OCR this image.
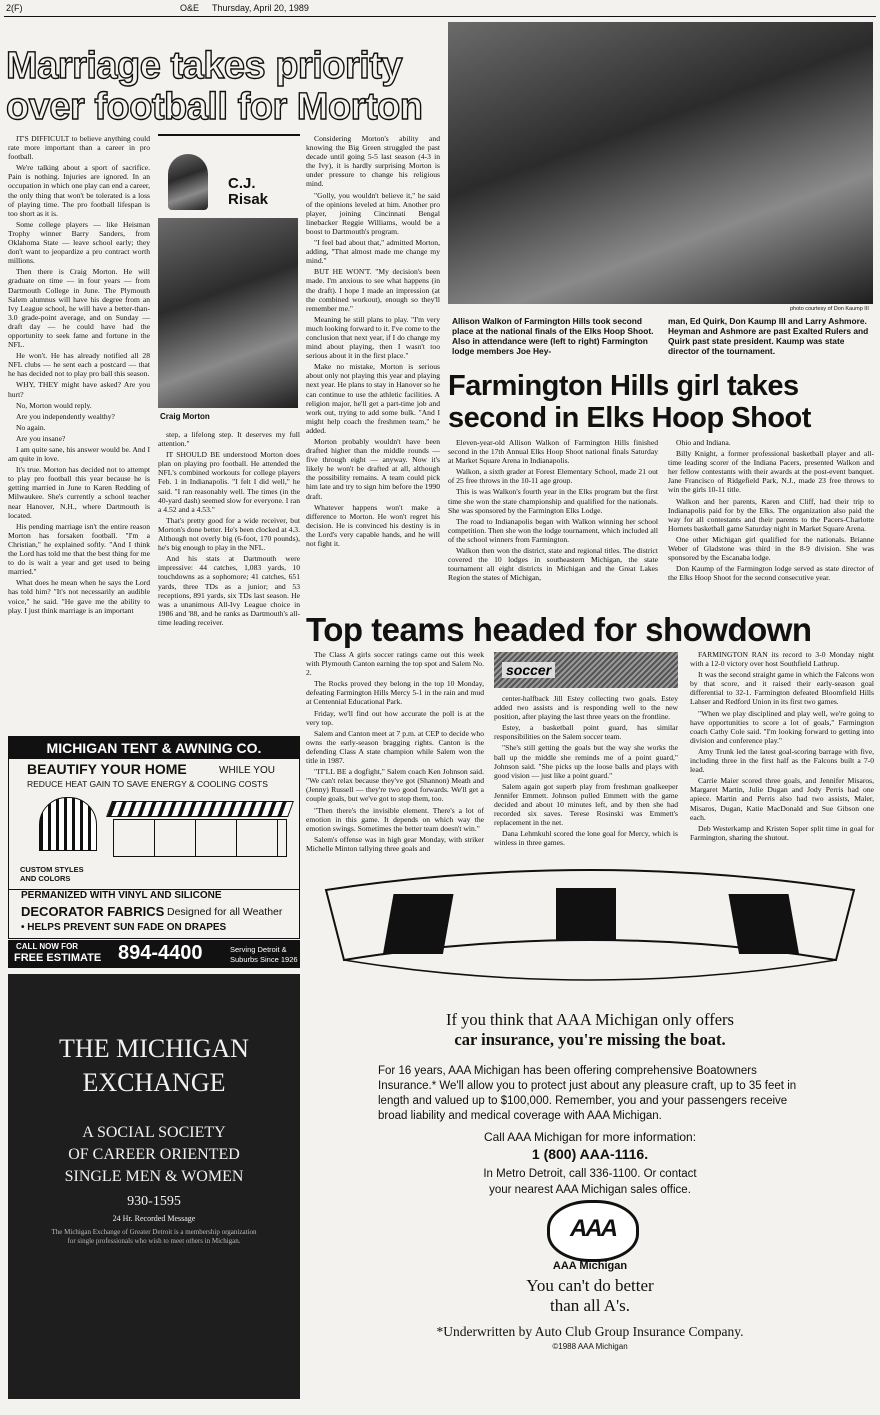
2(F)	O&E Thursday, April 20, 1989
Marriage takes priority over football for Morton

IT'S DIFFICULT to believe anything could rate more important than a career in pro football.

We're talking about a sport of sacrifice. Pain is nothing. Injuries are ignored. In an occupation in which one play can end a career, the only thing that won't be tolerated is a loss of playing time. The pro football lifespan is too short as it is.

Some college players — like Heisman Trophy winner Barry Sanders, from Oklahoma State — leave school early; they don't want to jeopardize a pro contract worth millions.

Then there is Craig Morton. He will graduate on time — in four years — from Dartmouth College in June. The Plymouth Salem alumnus will have his degree from an Ivy League school, he will have a better-than-3.0 grade-point average, and on Sunday — draft day — he could have had the opportunity to seek fame and fortune in the NFL.

He won't. He has already notified all 28 NFL clubs — he sent each a postcard — that he has decided not to play pro ball this season.

WHY, THEY might have asked? Are you hurt?

No, Morton would reply.

Are you independently wealthy?

No again.

Are you insane?

I am quite sane, his answer would be. And I am quite in love.

It's true. Morton has decided not to attempt to play pro football this year because he is getting married in June to Karen Redding of Milwaukee. She's currently a school teacher near Hanover, N.H., where Dartmouth is located.

His pending marriage isn't the entire reason Morton has forsaken football. "I'm a Christian," he explained softly. "And I think the Lord has told me that the best thing for me to do is wait a year and get used to being married."

What does he mean when he says the Lord has told him? "It's not necessarily an audible voice," he said. "He gave me the ability to play. I just think marriage is an important

C.J. Risak
Craig Morton

step, a lifelong step. It deserves my full attention."

IT SHOULD BE understood Morton does plan on playing pro football. He attended the NFL's combined workouts for college players Feb. 1 in Indianapolis. "I felt I did well," he said. "I ran reasonably well. The times (in the 40-yard dash) seemed slow for everyone. I ran a 4.52 and a 4.53."

That's pretty good for a wide receiver, but Morton's done better. He's been clocked at 4.3. Although not overly big (6-foot, 170 pounds), he's big enough to play in the NFL.

And his stats at Dartmouth were impressive: 44 catches, 1,083 yards, 10 touchdowns as a sophomore; 41 catches, 651 yards, three TDs as a junior; and 53 receptions, 891 yards, six TDs last season. He was a unanimous All-Ivy League choice in 1986 and '88, and he ranks as Dartmouth's all-time leading receiver.

Considering Morton's ability and knowing the Big Green struggled the past decade until going 5-5 last season (4-3 in the Ivy), it is hardly surprising Morton is under pressure to change his religious mind.

"Golly, you wouldn't believe it," he said of the opinions leveled at him. Another pro player, joining Cincinnati Bengal linebacker Reggie Williams, would be a boost to Dartmouth's program.

"I feel bad about that," admitted Morton, adding, "That almost made me change my mind."

BUT HE WON'T. "My decision's been made. I'm anxious to see what happens (in the draft). I hope I made an impression (at the combined workout), enough so they'll remember me."

Meaning he still plans to play. "I'm very much looking forward to it. I've come to the conclusion that next year, if I do change my mind about playing, then I wasn't too serious about it in the first place."

Make no mistake, Morton is serious about only not playing this year and playing next year. He plans to stay in Hanover so he can continue to use the athletic facilities. A religion major, he'll get a part-time job and work out, trying to add some bulk. "And I might help coach the freshmen team," he added.

Morton probably wouldn't have been drafted higher than the middle rounds — five through eight — anyway. Now it's likely he won't be drafted at all, although the possibility remains. A team could pick him late and try to sign him before the 1990 draft.

Whatever happens won't make a difference to Morton. He won't regret his decision. He is convinced his destiny is in the Lord's very capable hands, and he will not fight it.

photo courtesy of Don Kaump III
Allison Walkon of Farmington Hills took second place at the national finals of the Elks Hoop Shoot. Also in attendance were (left to right) Farmington lodge members Joe Hey-
man, Ed Quirk, Don Kaump III and Larry Ashmore. Heyman and Ashmore are past Exalted Rulers and Quirk past state president. Kaump was state director of the tournament.
Farmington Hills girl takes second in Elks Hoop Shoot

Eleven-year-old Allison Walkon of Farmington Hills finished second in the 17th Annual Elks Hoop Shoot national finals Saturday at Market Square Arena in Indianapolis.

Walkon, a sixth grader at Forest Elementary School, made 21 out of 25 free throws in the 10-11 age group.

This is was Walkon's fourth year in the Elks program but the first time she won the state championship and qualified for the nationals. She was sponsored by the Farmington Elks Lodge.

The road to Indianapolis began with Walkon winning her school competition. Then she won the lodge tournament, which included all of the school winners from Farmington.

Walkon then won the district, state and regional titles. The district covered the 10 lodges in southeastern Michigan, the state tournament all eight districts in Michigan and the Great Lakes Region the states of Michigan,

Ohio and Indiana.

Billy Knight, a former professional basketball player and all-time leading scorer of the Indiana Pacers, presented Walkon and her fellow contestants with their awards at the post-event banquet. Jane Francisco of Ridgefield Park, N.J., made 23 free throws to win the girls 10-11 title.

Walkon and her parents, Karen and Cliff, had their trip to Indianapolis paid for by the Elks. The organization also paid the way for all contestants and their parents to the Pacers-Charlotte Hornets basketball game Saturday night in Market Square Arena.

One other Michigan girl qualified for the nationals. Brianne Weber of Gladstone was third in the 8-9 division. She was sponsored by the Escanaba lodge.

Don Kaump of the Farmington lodge served as state director of the Elks Hoop Shoot for the second consecutive year.

Top teams headed for showdown

The Class A girls soccer ratings came out this week with Plymouth Canton earning the top spot and Salem No. 2.

The Rocks proved they belong in the top 10 Monday, defeating Farmington Hills Mercy 5-1 in the rain and mud at Centennial Educational Park.

Friday, we'll find out how accurate the poll is at the very top.

Salem and Canton meet at 7 p.m. at CEP to decide who owns the early-season bragging rights. Canton is the defending Class A state champion while Salem won the title in 1987.

"IT'LL BE a dogfight," Salem coach Ken Johnson said. "We can't relax because they've got (Shannon) Meath and (Jenny) Russell — they're two good forwards. We'll get a couple goals, but we've got to stop them, too.

"Then there's the invisible element. There's a lot of emotion in this game. It depends on which way the emotion swings. Sometimes the better team doesn't win."

Salem's offense was in high gear Monday, with striker Michelle Minton tallying three goals and

soccer

center-halfback Jill Estey collecting two goals. Estey added two assists and is responding well to the new position, after playing the last three years on the frontline.

Estey, a basketball point guard, has similar responsibilities on the Salem soccer team.

"She's still getting the goals but the way she works the ball up the middle she reminds me of a point guard," Johnson said. "She picks up the loose balls and plays with good vision — just like a point guard."

Salem again got superb play from freshman goalkeeper Jennifer Emmett. Johnson pulled Emmett with the game decided and about 10 minutes left, and by then she had recorded six saves. Terese Rosinski was Emmett's replacement in the net.

Dana Lehmkuhl scored the lone goal for Mercy, which is winless in three games.

FARMINGTON RAN its record to 3-0 Monday night with a 12-0 victory over host Southfield Lathrup.

It was the second straight game in which the Falcons won by that score, and it raised their early-season goal differential to 32-1. Farmington defeated Bloomfield Hills Lahser and Redford Union in its first two games.

"When we play disciplined and play well, we're going to have opportunities to score a lot of goals," Farmington coach Cathy Cole said. "I'm looking forward to getting into division and conference play."

Amy Trunk led the latest goal-scoring barrage with five, including three in the first half as the Falcons built a 7-0 lead.

Carrie Maier scored three goals, and Jennifer Misaros, Margaret Martin, Julie Dugan and Jody Perris had one apiece. Martin and Perris also had two assists, Maler, Misaros, Dugan, Katie MacDonald and Sue Gibson one each.

Deb Westerkamp and Kristen Soper split time in goal for Farmington, sharing the shutout.

MICHIGAN TENT & AWNING CO.
BEAUTIFY YOUR HOME	WHILE YOU
REDUCE HEAT GAIN TO SAVE ENERGY & COOLING COSTS
CUSTOM STYLES
AND COLORS
PERMANIZED WITH VINYL AND SILICONE
DECORATOR FABRICS Designed for all Weather
• HELPS PREVENT SUN FADE ON DRAPES
CALL NOW FOR
FREE ESTIMATE 894-4400	Serving Detroit &
Suburbs Since 1926
THE MICHIGAN
EXCHANGE
A SOCIAL SOCIETY
OF CAREER ORIENTED
SINGLE MEN & WOMEN
930-1595
24 Hr. Recorded Message
The Michigan Exchange of Greater Detroit is a membership organization for single professionals who wish to meet others in Michigan.
If you think that AAA Michigan only offers
car insurance, you're missing the boat.
For 16 years, AAA Michigan has been offering comprehensive Boatowners Insurance.* We'll allow you to protect just about any pleasure craft, up to 35 feet in length and valued up to $100,000. Remember, you and your passengers receive broad liability and medical coverage with AAA Michigan.
Call AAA Michigan for more information:
1 (800) AAA-1116.
In Metro Detroit, call 336-1100. Or contact
your nearest AAA Michigan sales office.
AAA
AAA Michigan
You can't do better
than all A's.
*Underwritten by Auto Club Group Insurance Company.
©1988 AAA Michigan
